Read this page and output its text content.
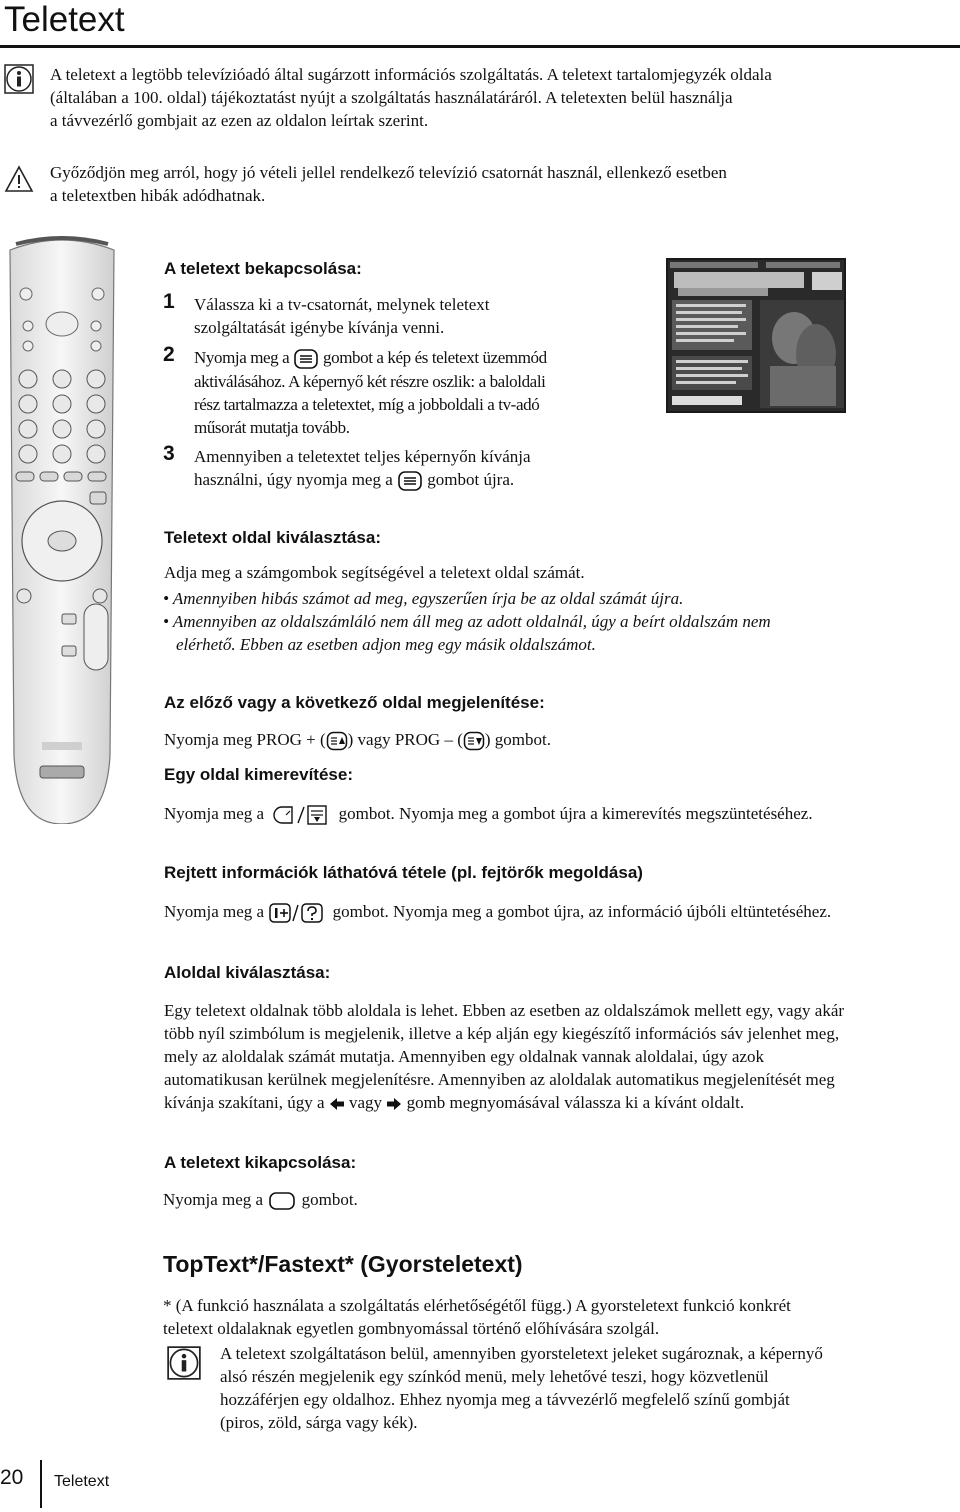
Teletext
A teletext a legtöbb televízióadó által sugárzott információs szolgáltatás. A teletext tartalomjegyzék oldala
(általában a 100. oldal) tájékoztatást nyújt a szolgáltatás használatáráról. A teletexten belül használja
a távvezérlő gombjait az ezen az oldalon leírtak szerint.
Győződjön meg arról, hogy jó vételi jellel rendelkező televízió csatornát használ, ellenkező esetben
a teletextben hibák adódhatnak.
A teletext bekapcsolása:
1 Válassza ki a tv-csatornát, melynek teletext
szolgáltatását igénybe kívánja venni.
2 Nyomja meg a gombot a kép és teletext üzemmód
aktiválásához. A képernyő két részre oszlik: a baloldali
rész tartalmazza a teletextet, míg a jobboldali a tv-adó
műsorát mutatja tovább.
3 Amennyiben a teletextet teljes képernyőn kívánja
használni, úgy nyomja meg a gombot újra.
Teletext oldal kiválasztása:
Adja meg a számgombok segítségével a teletext oldal számát.
• Amennyiben hibás számot ad meg, egyszerűen írja be az oldal számát újra.
• Amennyiben az oldalszámláló nem áll meg az adott oldalnál, úgy a beírt oldalszám nem
elérhető. Ebben az esetben adjon meg egy másik oldalszámot.
Az előző vagy a következő oldal megjelenítése:
Nyomja meg PROG + ( ) vagy PROG – ( ) gombot.
Egy oldal kimerevítése:
Nyomja meg a	gombot. Nyomja meg a gombot újra a kimerevítés megszüntetéséhez.
Rejtett információk láthatóvá tétele (pl. fejtörők megoldása)
Nyomja meg a	gombot. Nyomja meg a gombot újra, az információ újbóli eltüntetéséhez.
Aloldal kiválasztása:
Egy teletext oldalnak több aloldala is lehet. Ebben az esetben az oldalszámok mellett egy, vagy akár
több nyíl szimbólum is megjelenik, illetve a kép alján egy kiegészítő információs sáv jelenhet meg,
mely az aloldalak számát mutatja. Amennyiben egy oldalnak vannak aloldalai, úgy azok
automatikusan kerülnek megjelenítésre. Amennyiben az aloldalak automatikus megjelenítését meg
kívánja szakítani, úgy a vagy gomb megnyomásával válassza ki a kívánt oldalt.
A teletext kikapcsolása:
Nyomja meg a gombot.
TopText*/Fastext* (Gyorsteletext)
* (A funkció használata a szolgáltatás elérhetőségétől függ.) A gyorsteletext funkció konkrét
teletext oldalaknak egyetlen gombnyomással történő előhívására szolgál.
A teletext szolgáltatáson belül, amennyiben gyorsteletext jeleket sugároznak, a képernyő
alsó részén megjelenik egy színkód menü, mely lehetővé teszi, hogy közvetlenül
hozzáférjen egy oldalhoz. Ehhez nyomja meg a távvezérlő megfelelő színű gombját
(piros, zöld, sárga vagy kék).
20 Teletext
